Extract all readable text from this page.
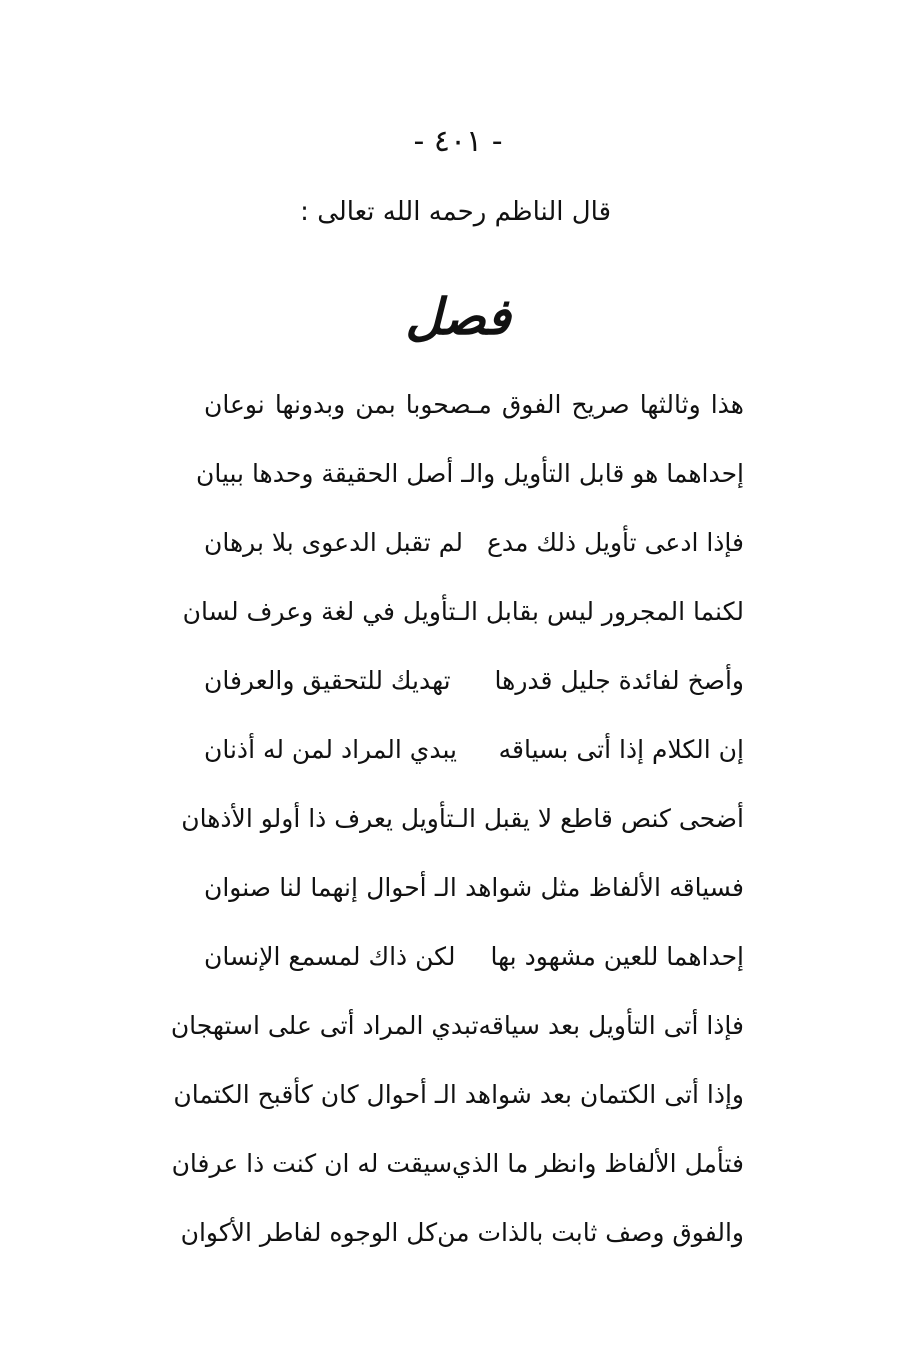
- ٤٠١ -
قال الناظم رحمه الله تعالى :
فصل
هذا وثالثها صريح الفوق مـصحوبا بمن وبدونها نوعان
إحداهما هو قابل التأويل والـ أصل الحقيقة وحدها ببيان
فإذا ادعى تأويل ذلك مدع
لم تقبل الدعوى بلا برهان
لكنما المجرور ليس بقابل الـتأويل في لغة وعرف لسان
وأصخ لفائدة جليل قدرها
تهديك للتحقيق والعرفان
إن الكلام إذا أتى بسياقه
يبدي المراد لمن له أذنان
أضحى كنص قاطع لا يقبل الـتأويل يعرف ذا أولو الأذهان
فسياقه الألفاظ مثل شواهد الـ أحوال إنهما لنا صنوان
إحداهما للعين مشهود بها
لكن ذاك لمسمع الإنسان
فإذا أتى التأويل بعد سياقه
تبدي المراد أتى على استهجان
وإذا أتى الكتمان بعد شواهد الـ أحوال كان كأقبح الكتمان
فتأمل الألفاظ وانظر ما الذي
سيقت له ان كنت ذا عرفان
والفوق وصف ثابت بالذات من
كل الوجوه لفاطر الأكوان
